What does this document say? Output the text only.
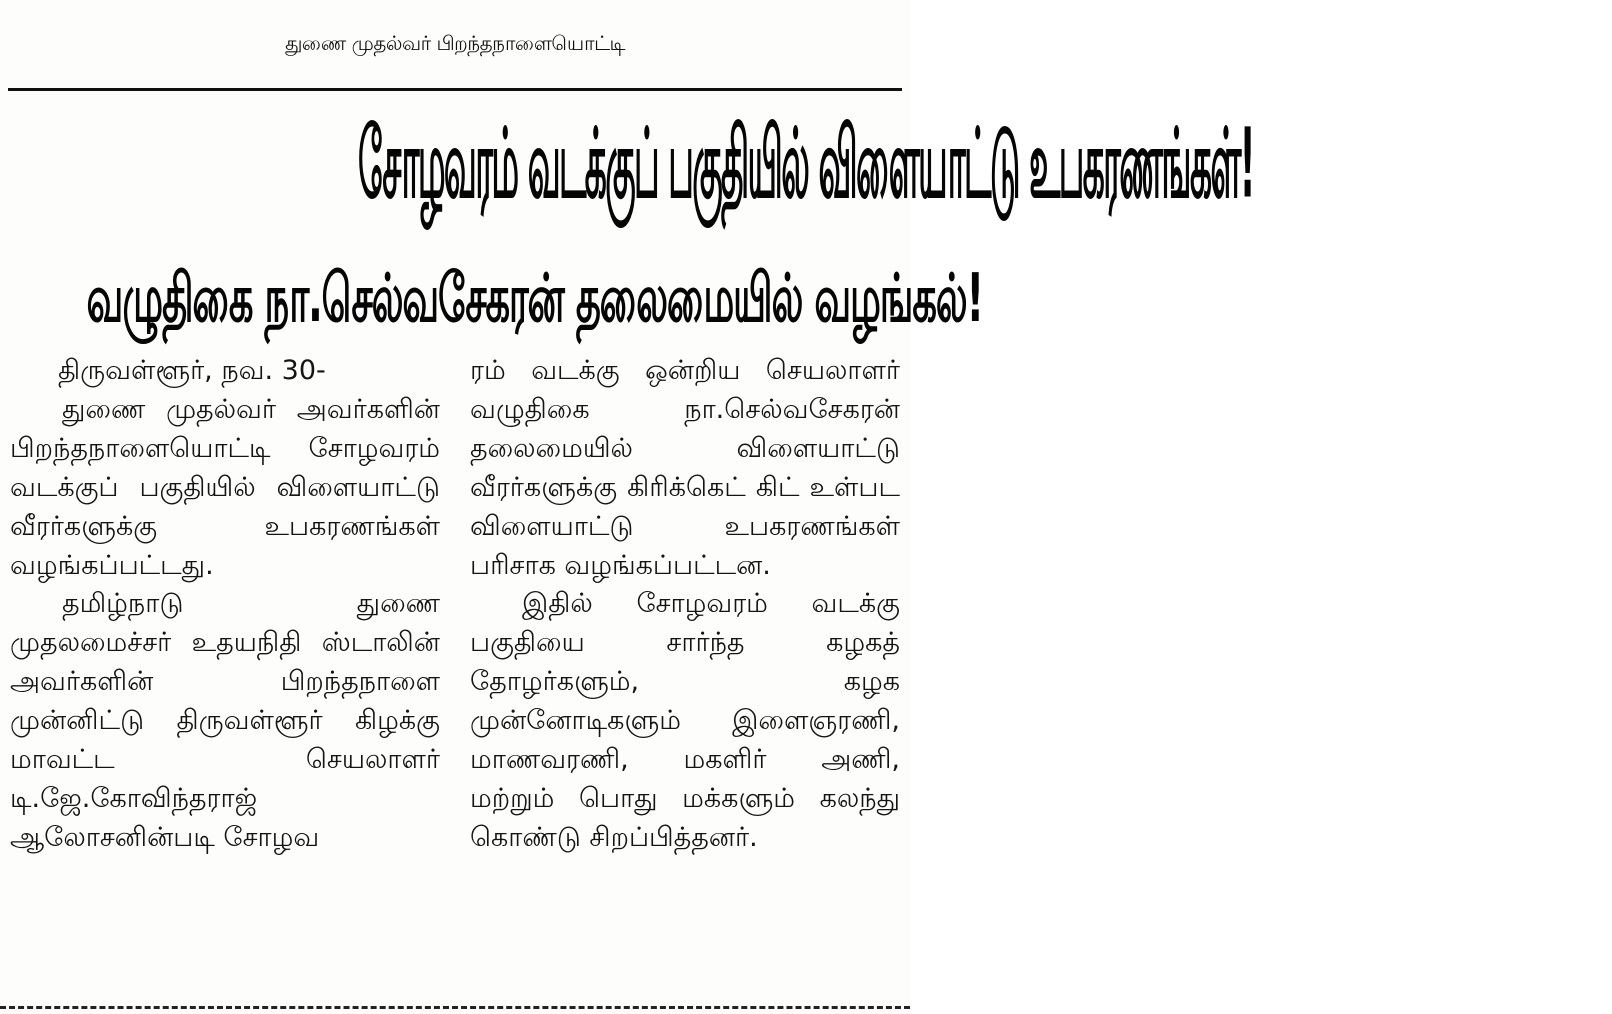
துணை முதல்வர் பிறந்தநாளையொட்டி
சோழவரம் வடக்குப் பகுதியில் விளையாட்டு உபகரணங்கள்!
வழுதிகை நா.செல்வசேகரன் தலைமையில் வழங்கல்!

திருவள்ளூர், நவ. 30-

துணை முதல்வர் அவர்களின் பிறந்தநாளையொட்டி சோழவரம் வடக்குப் பகுதியில் விளையாட்டு வீரர்களுக்கு உபகரணங்கள் வழங்கப்பட்டது.

தமிழ்நாடு துணை முதலமைச்சர் உதயநிதி ஸ்டாலின் அவர்களின் பிறந்தநாளை முன்னிட்டு திருவள்ளூர் கிழக்கு மாவட்ட செயலாளர் டி.ஜே.கோவிந்தராஜ் ஆலோசனின்படி சோழவ

ரம் வடக்கு ஒன்றிய செயலாளர் வழுதிகை நா.செல்வசேகரன் தலைமையில் விளையாட்டு வீரர்களுக்கு கிரிக்கெட் கிட் உள்பட விளையாட்டு உபகரணங்கள் பரிசாக வழங்கப்பட்டன.

இதில் சோழவரம் வடக்கு பகுதியை சார்ந்த கழகத் தோழர்களும், கழக முன்னோடிகளும் இளைஞரணி, மாணவரணி, மகளிர் அணி, மற்றும் பொது மக்களும் கலந்து கொண்டு சிறப்பித்தனர்.
